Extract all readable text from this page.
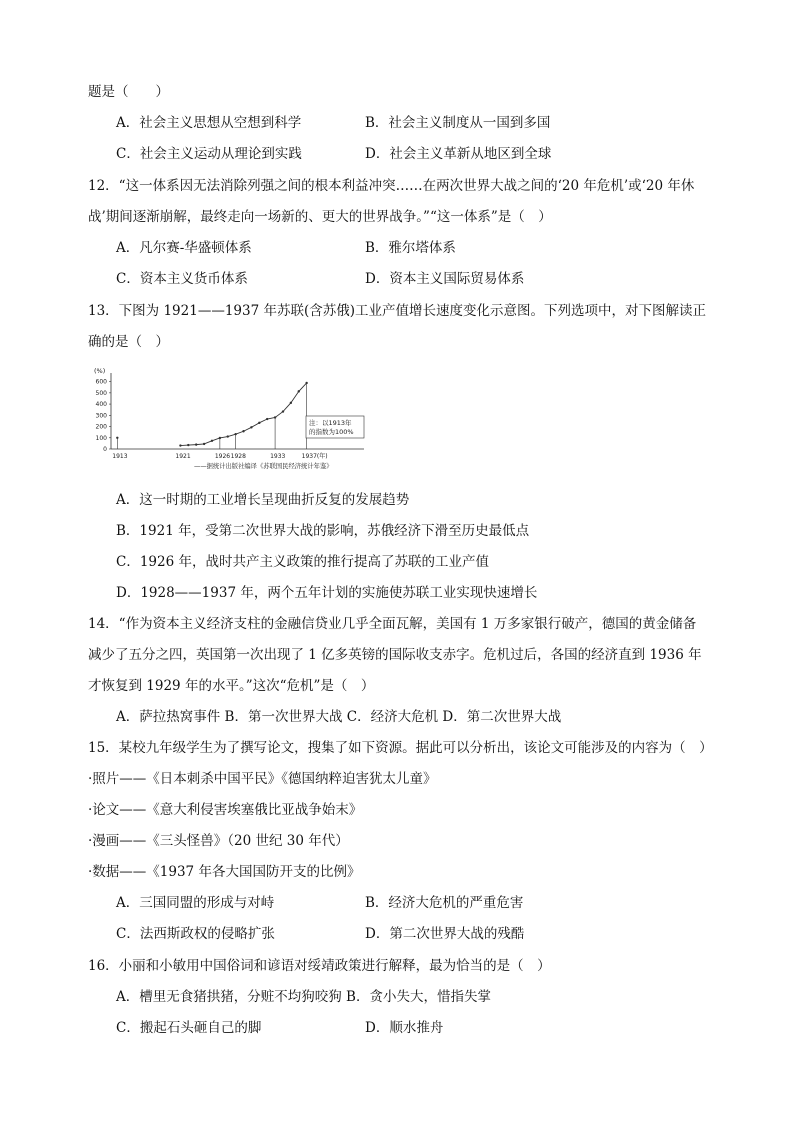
题是（　　）
A．社会主义思想从空想到科学	B．社会主义制度从一国到多国
C．社会主义运动从理论到实践	D．社会主义革新从地区到全球
12．“这一体系因无法消除列强之间的根本利益冲突……在两次世界大战之间的‘20 年危机’或‘20 年休
战’期间逐渐崩解，最终走向一场新的、更大的世界战争。”“这一体系”是（　）
A．凡尔赛-华盛顿体系	B．雅尔塔体系
C．资本主义货币体系	D．资本主义国际贸易体系
13．下图为 1921——1937 年苏联(含苏俄)工业产值增长速度变化示意图。下列选项中，对下图解读正
确的是（　）
0
100
200
300
400
500
600
1913	1921	1926 1928	1933	1937(年)
注：以1913年
的指数为100%
(%)
——据统计出版社编译《苏联国民经济统计年鉴》
A．这一时期的工业增长呈现曲折反复的发展趋势
B．1921 年，受第二次世界大战的影响，苏俄经济下滑至历史最低点
C．1926 年，战时共产主义政策的推行提高了苏联的工业产值
D．1928——1937 年，两个五年计划的实施使苏联工业实现快速增长
14．“作为资本主义经济支柱的金融信贷业几乎全面瓦解，美国有 1 万多家银行破产，德国的黄金储备
减少了五分之四，英国第一次出现了 1 亿多英镑的国际收支赤字。危机过后，各国的经济直到 1936 年
才恢复到 1929 年的水平。”这次“危机”是（　）
A．萨拉热窝事件 B．第一次世界大战 C．经济大危机 D．第二次世界大战
15．某校九年级学生为了撰写论文，搜集了如下资源。据此可以分析出，该论文可能涉及的内容为（　）
·照片——《日本刺杀中国平民》《德国纳粹迫害犹太儿童》
·论文——《意大利侵害埃塞俄比亚战争始末》
·漫画——《三头怪兽》（20 世纪 30 年代）
·数据——《1937 年各大国国防开支的比例》
A．三国同盟的形成与对峙	B．经济大危机的严重危害
C．法西斯政权的侵略扩张	D．第二次世界大战的残酷
16．小丽和小敏用中国俗词和谚语对绥靖政策进行解释，最为恰当的是（　）
A．槽里无食猪拱猪，分赃不均狗咬狗 B．贪小失大，惜指失掌
C．搬起石头砸自己的脚	D．顺水推舟
